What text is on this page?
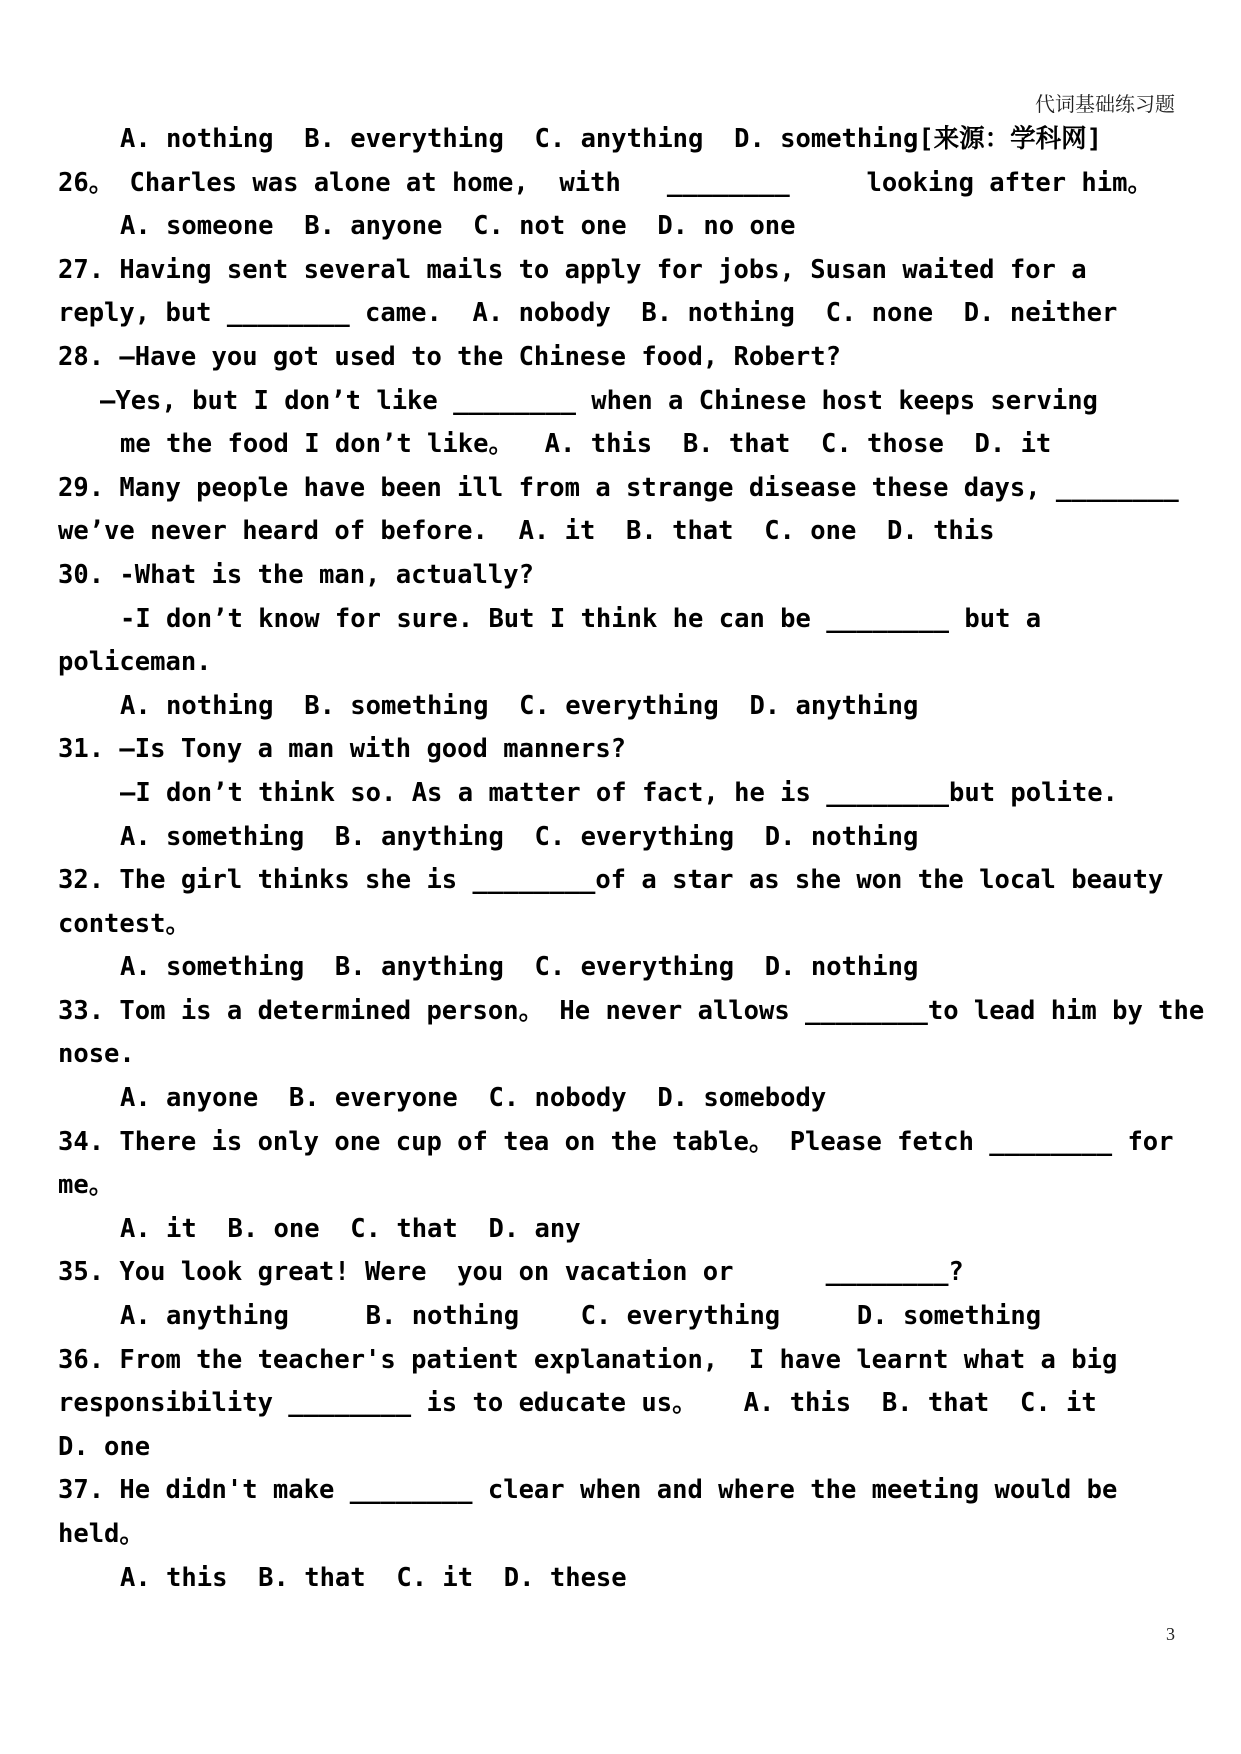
代词基础练习题
A. nothing  B. everything  C. anything  D. something[来源：学科网]
26。 Charles was alone at home,  with   ________     looking after him。
A. someone  B. anyone  C. not one  D. no one
27. Having sent several mails to apply for jobs, Susan waited for a
reply, but ________ came.  A. nobody  B. nothing  C. none  D. neither
28. —Have you got used to the Chinese food, Robert?
—Yes, but I don’t like ________ when a Chinese host keeps serving
me the food I don’t like。  A. this  B. that  C. those  D. it
29. Many people have been ill from a strange disease these days, ________
we’ve never heard of before.  A. it  B. that  C. one  D. this
30. -What is the man, actually?
-I don’t know for sure. But I think he can be ________ but a
policeman.
A. nothing  B. something  C. everything  D. anything
31. —Is Tony a man with good manners?
—I don’t think so. As a matter of fact, he is ________but polite.
A. something  B. anything  C. everything  D. nothing
32. The girl thinks she is ________of a star as she won the local beauty
contest。
A. something  B. anything  C. everything  D. nothing
33. Tom is a determined person。 He never allows ________to lead him by the
nose.
A. anyone  B. everyone  C. nobody  D. somebody
34. There is only one cup of tea on the table。 Please fetch ________ for
me。
A. it  B. one  C. that  D. any
35. You look great! Were  you on vacation or      ________?
A. anything     B. nothing    C. everything     D. something
36. From the teacher's patient explanation,  I have learnt what a big
responsibility ________ is to educate us。   A. this  B. that  C. it
D. one
37. He didn't make ________ clear when and where the meeting would be
held。
A. this  B. that  C. it  D. these
3
